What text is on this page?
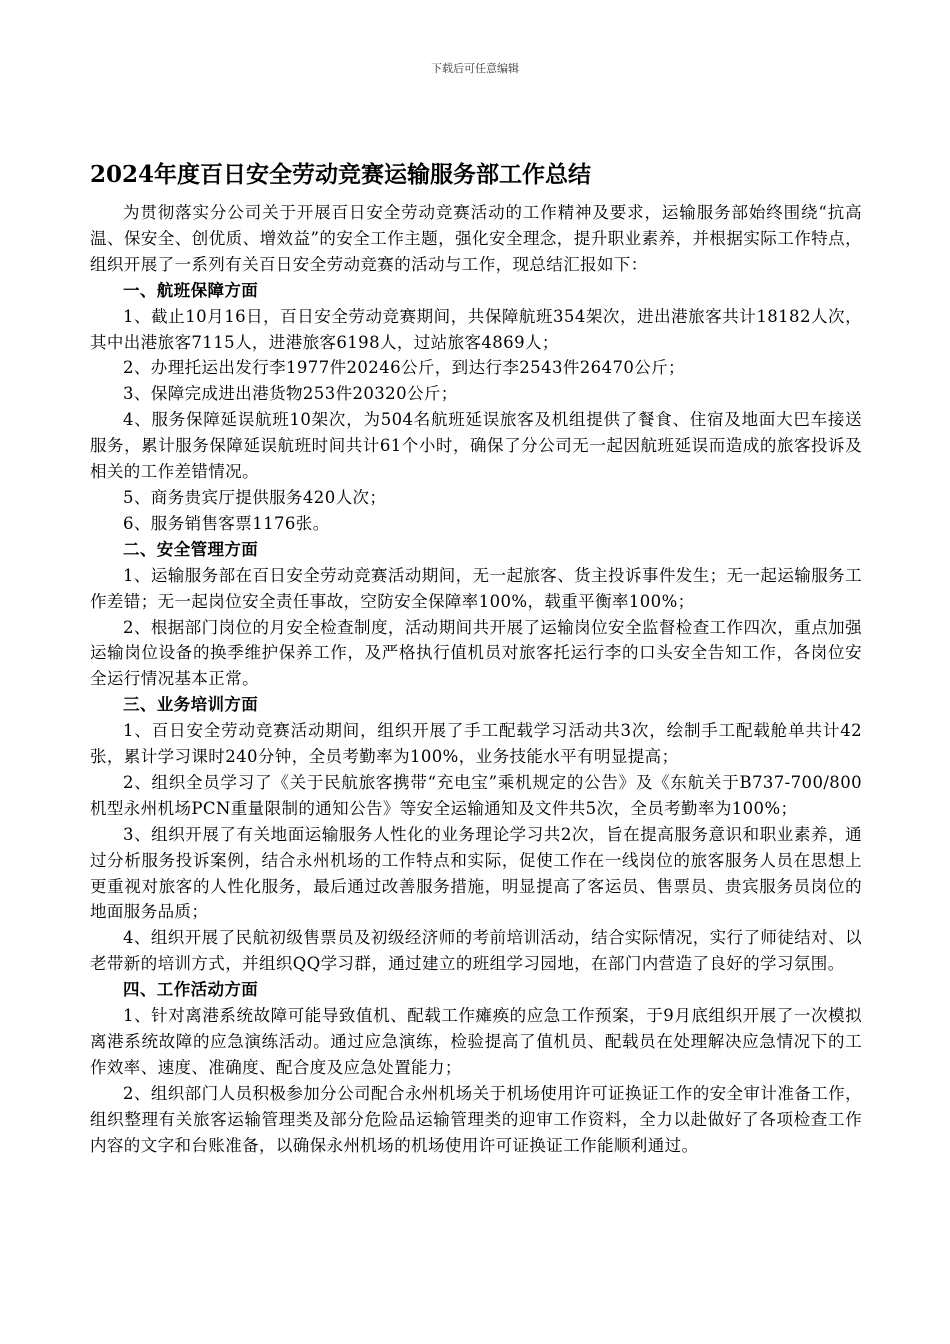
下载后可任意编辑
2024年度百日安全劳动竞赛运输服务部工作总结

为贯彻落实分公司关于开展百日安全劳动竞赛活动的工作精神及要求，运输服务部始终围绕“抗高温、保安全、创优质、增效益”的安全工作主题，强化安全理念，提升职业素养，并根据实际工作特点，组织开展了一系列有关百日安全劳动竞赛的活动与工作，现总结汇报如下：

一、航班保障方面

1、截止10月16日，百日安全劳动竞赛期间，共保障航班354架次，进出港旅客共计18182人次，其中出港旅客7115人，进港旅客6198人，过站旅客4869人；

2、办理托运出发行李1977件20246公斤，到达行李2543件26470公斤；

3、保障完成进出港货物253件20320公斤；

4、服务保障延误航班10架次，为504名航班延误旅客及机组提供了餐食、住宿及地面大巴车接送服务，累计服务保障延误航班时间共计61个小时，确保了分公司无一起因航班延误而造成的旅客投诉及相关的工作差错情况。

5、商务贵宾厅提供服务420人次；

6、服务销售客票1176张。

二、安全管理方面

1、运输服务部在百日安全劳动竞赛活动期间，无一起旅客、货主投诉事件发生；无一起运输服务工作差错；无一起岗位安全责任事故，空防安全保障率100%，载重平衡率100%；

2、根据部门岗位的月安全检查制度，活动期间共开展了运输岗位安全监督检查工作四次，重点加强运输岗位设备的换季维护保养工作，及严格执行值机员对旅客托运行李的口头安全告知工作，各岗位安全运行情况基本正常。

三、业务培训方面

1、百日安全劳动竞赛活动期间，组织开展了手工配载学习活动共3次，绘制手工配载舱单共计42张，累计学习课时240分钟，全员考勤率为100%，业务技能水平有明显提高；

2、组织全员学习了《关于民航旅客携带“充电宝”乘机规定的公告》及《东航关于B737-700/800机型永州机场PCN重量限制的通知公告》等安全运输通知及文件共5次，全员考勤率为100%；

3、组织开展了有关地面运输服务人性化的业务理论学习共2次，旨在提高服务意识和职业素养，通过分析服务投诉案例，结合永州机场的工作特点和实际，促使工作在一线岗位的旅客服务人员在思想上更重视对旅客的人性化服务，最后通过改善服务措施，明显提高了客运员、售票员、贵宾服务员岗位的地面服务品质；

4、组织开展了民航初级售票员及初级经济师的考前培训活动，结合实际情况，实行了师徒结对、以老带新的培训方式，并组织QQ学习群，通过建立的班组学习园地，在部门内营造了良好的学习氛围。

四、工作活动方面

1、针对离港系统故障可能导致值机、配载工作瘫痪的应急工作预案，于9月底组织开展了一次模拟离港系统故障的应急演练活动。通过应急演练，检验提高了值机员、配载员在处理解决应急情况下的工作效率、速度、准确度、配合度及应急处置能力；

2、组织部门人员积极参加分公司配合永州机场关于机场使用许可证换证工作的安全审计准备工作，组织整理有关旅客运输管理类及部分危险品运输管理类的迎审工作资料，全力以赴做好了各项检查工作内容的文字和台账准备，以确保永州机场的机场使用许可证换证工作能顺利通过。
